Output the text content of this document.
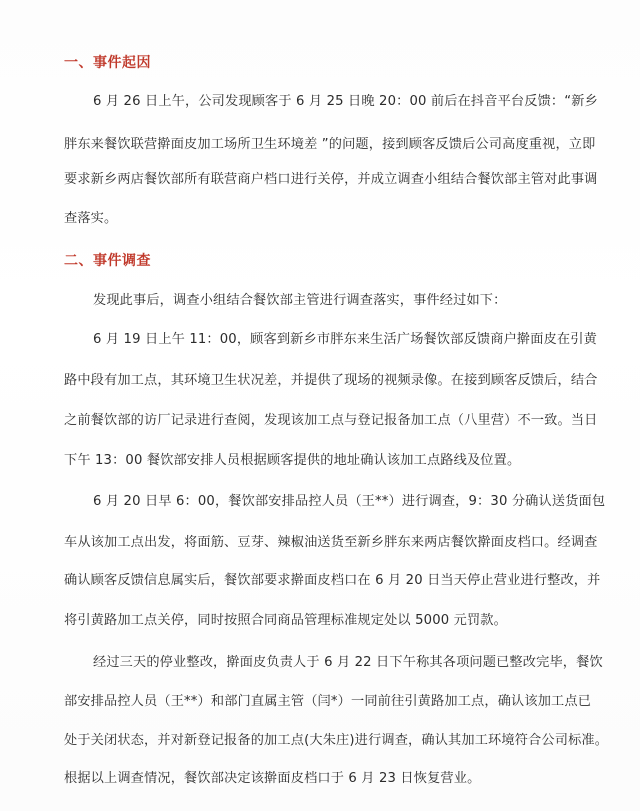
一、事件起因
6 月 26 日上午，公司发现顾客于 6 月 25 日晚 20：00 前后在抖音平台反馈：“新乡
胖东来餐饮联营擀面皮加工场所卫生环境差 ”的问题，接到顾客反馈后公司高度重视，立即
要求新乡两店餐饮部所有联营商户档口进行关停，并成立调查小组结合餐饮部主管对此事调
查落实。
二、事件调查
发现此事后，调查小组结合餐饮部主管进行调查落实，事件经过如下：
6 月 19 日上午 11：00，顾客到新乡市胖东来生活广场餐饮部反馈商户擀面皮在引黄
路中段有加工点，其环境卫生状况差，并提供了现场的视频录像。在接到顾客反馈后，结合
之前餐饮部的访厂记录进行查阅，发现该加工点与登记报备加工点（八里营）不一致。当日
下午 13：00 餐饮部安排人员根据顾客提供的地址确认该加工点路线及位置。
6 月 20 日早 6：00，餐饮部安排品控人员（王**）进行调查，9：30 分确认送货面包
车从该加工点出发，将面筋、豆芽、辣椒油送货至新乡胖东来两店餐饮擀面皮档口。经调查
确认顾客反馈信息属实后，餐饮部要求擀面皮档口在 6 月 20 日当天停止营业进行整改，并
将引黄路加工点关停，同时按照合同商品管理标准规定处以 5000 元罚款。
经过三天的停业整改，擀面皮负责人于 6 月 22 日下午称其各项问题已整改完毕，餐饮
部安排品控人员（王**）和部门直属主管（闫*）一同前往引黄路加工点，确认该加工点已
处于关闭状态，并对新登记报备的加工点(大朱庄)进行调查，确认其加工环境符合公司标准。
根据以上调查情况，餐饮部决定该擀面皮档口于 6 月 23 日恢复营业。
